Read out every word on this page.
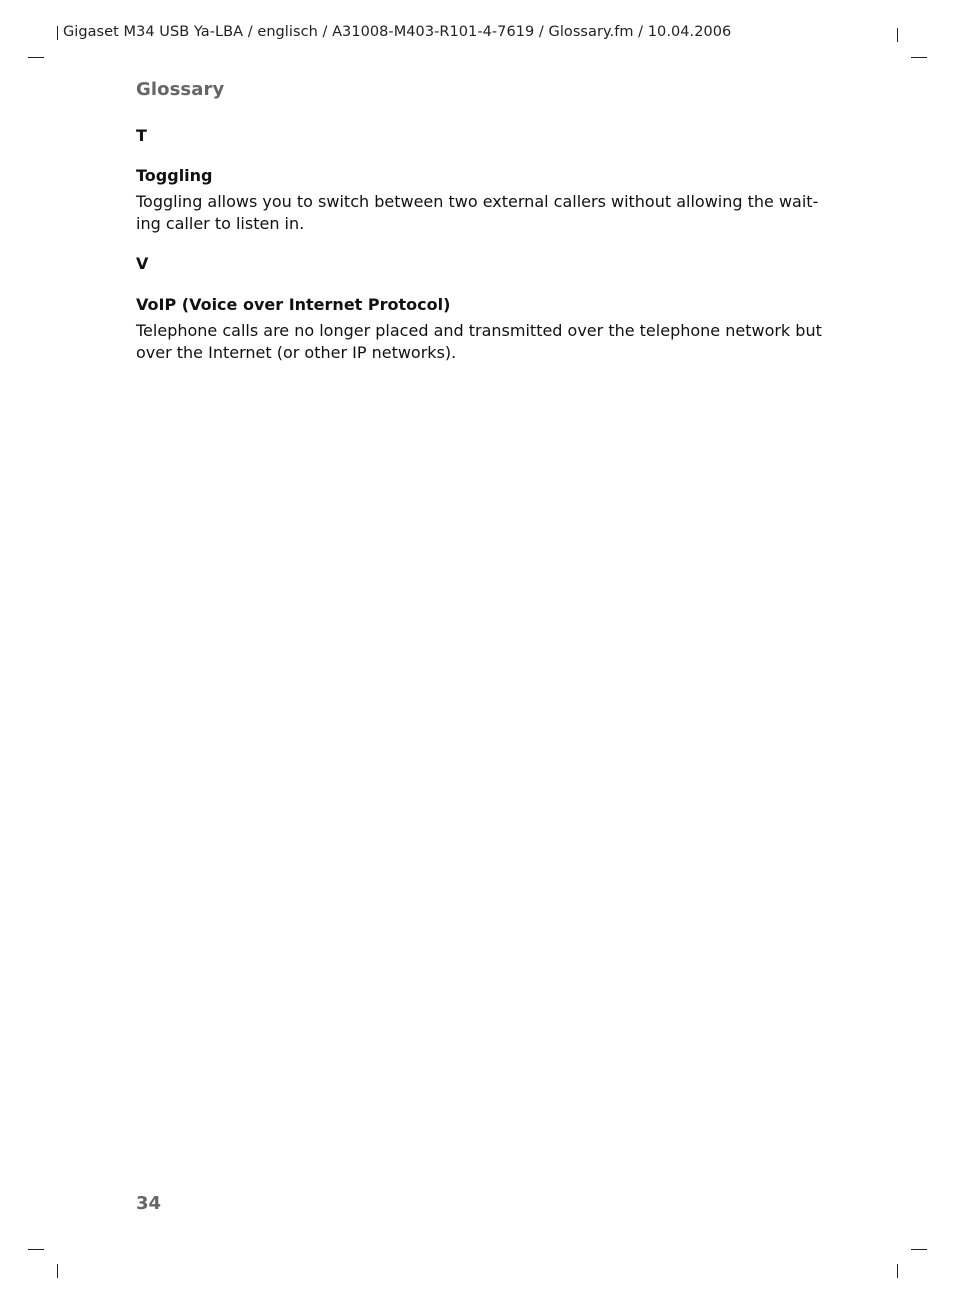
Gigaset M34 USB Ya-LBA / englisch / A31008-M403-R101-4-7619 / Glossary.fm / 10.04.2006
Glossary
T
Toggling
Toggling allows you to switch between two external callers without allowing the wait-
ing caller to listen in.
V
VoIP (Voice over Internet Protocol)
Telephone calls are no longer placed and transmitted over the telephone network but
over the Internet (or other IP networks).
34
